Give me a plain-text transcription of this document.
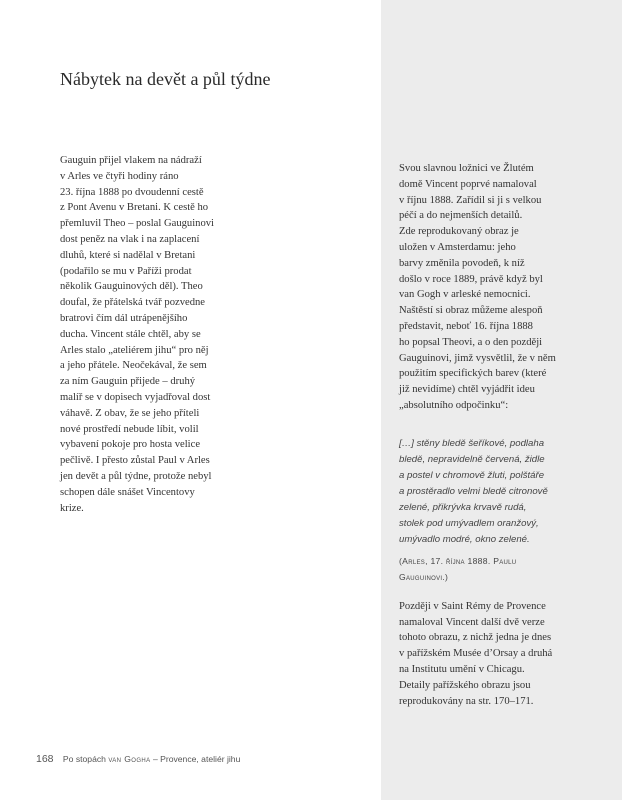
Nábytek na devět a půl týdne

Gauguin přijel vlakem na nádraží
v Arles ve čtyři hodiny ráno
23. října 1888 po dvoudenní cestě
z Pont Avenu v Bretani. K cestě ho
přemluvil Theo – poslal Gauguinovi
dost peněz na vlak i na zaplacení
dluhů, které si nadělal v Bretani
(podařilo se mu v Paříži prodat
několik Gauguinových děl). Theo
doufal, že přátelská tvář pozvedne
bratrovi čím dál utrápenějšího
ducha. Vincent stále chtěl, aby se
Arles stalo „ateliérem jihu“ pro něj
a jeho přátele. Neočekával, že sem
za ním Gauguin přijede – druhý
malíř se v dopisech vyjadřoval dost
váhavě. Z obav, že se jeho příteli
nové prostředí nebude líbit, volil
vybavení pokoje pro hosta velice
pečlivě. I přesto zůstal Paul v Arles
jen devět a půl týdne, protože nebyl
schopen dále snášet Vincentovy
krize.

Svou slavnou ložnici ve Žlutém
domě Vincent poprvé namaloval
v říjnu 1888. Zařídil si ji s velkou
péčí a do nejmenších detailů.
Zde reprodukovaný obraz je
uložen v Amsterdamu: jeho
barvy změnila povodeň, k níž
došlo v roce 1889, právě když byl
van Gogh v arleské nemocnici.
Naštěstí si obraz můžeme alespoň
představit, neboť 16. října 1888
ho popsal Theovi, a o den později
Gauguinovi, jimž vysvětlil, že v něm
použitím specifických barev (které
již nevidíme) chtěl vyjádřit ideu
„absolutního odpočinku“:

[…] stěny bledě šeříkové, podlaha
bledě, nepravidelně červená, židle
a postel v chromově žluti, polštáře
a prostěradlo velmi bledě citronově
zelené, přikrývka krvavě rudá,
stolek pod umývadlem oranžový,
umývadlo modré, okno zelené.

(Arles, 17. října 1888. Paulu
Gauguinovi.)

Později v Saint Rémy de Provence
namaloval Vincent další dvě verze
tohoto obrazu, z nichž jedna je dnes
v pařížském Musée d’Orsay a druhá
na Institutu umění v Chicagu.
Detaily pařížského obrazu jsou
reprodukovány na str. 170–171.

168 Po stopách van Gogha – Provence, ateliér jihu
